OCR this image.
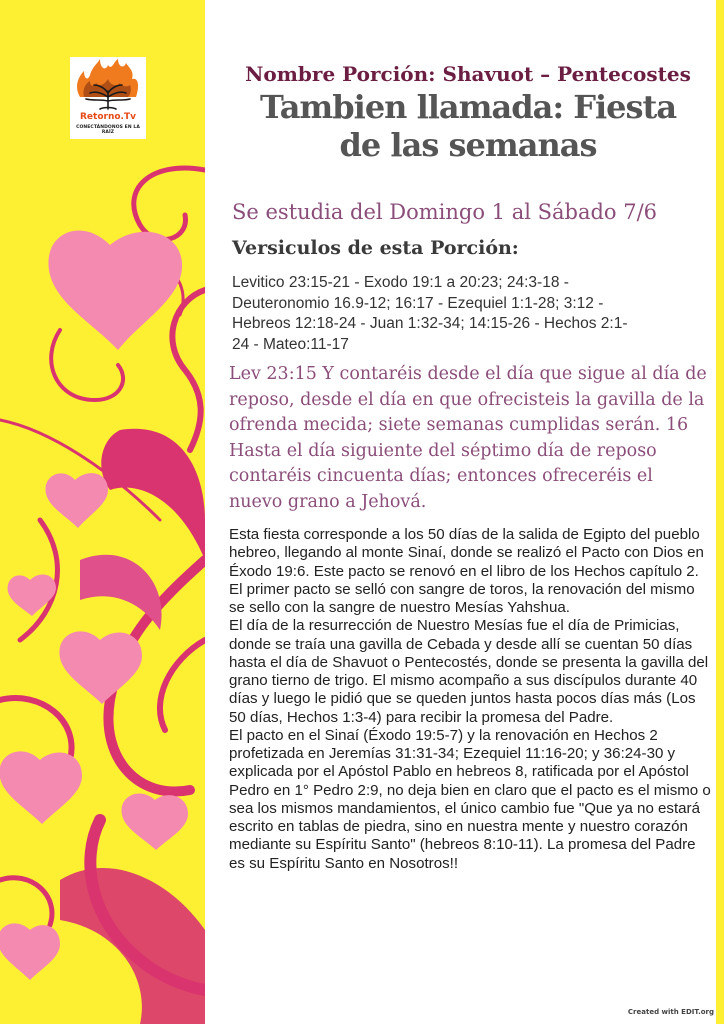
Retorno.Tv
CONECTÁNDONOS EN LA RAÍZ
Nombre Porción: Shavuot – Pentecostes
Tambien llamada: Fiesta
de las semanas

Se estudia del Domingo 1 al Sábado 7/6

Versiculos de esta Porción:

Levitico 23:15-21 - Exodo 19:1 a 20:23; 24:3-18 - Deuteronomio 16.9-12; 16:17 - Ezequiel 1:1-28; 3:12 - Hebreos 12:18-24 - Juan 1:32-34; 14:15-26 - Hechos 2:1-24 - Mateo:11-17

Lev 23:15 Y contaréis desde el día que sigue al día de reposo, desde el día en que ofrecisteis la gavilla de la ofrenda mecida; siete semanas cumplidas serán. 16 Hasta el día siguiente del séptimo día de reposo contaréis cincuenta días; entonces ofreceréis el nuevo grano a Jehová.

Esta fiesta corresponde a los 50 días de la salida de Egipto del pueblo hebreo, llegando al monte Sinaí, donde se realizó el Pacto con Dios en Éxodo 19:6. Este pacto se renovó en el libro de los Hechos capítulo 2. El primer pacto se selló con sangre de toros, la renovación del mismo se sello con la sangre de nuestro Mesías Yahshua.

El día de la resurrección de Nuestro Mesías fue el día de Primicias, donde se traía una gavilla de Cebada y desde allí se cuentan 50 días hasta el día de Shavuot o Pentecostés, donde se presenta la gavilla del grano tierno de trigo. El mismo acompaño a sus discípulos durante 40 días y luego le pidió que se queden juntos hasta pocos días más (Los 50 días, Hechos 1:3-4) para recibir la promesa del Padre.

El pacto en el Sinaí (Éxodo 19:5-7) y la renovación en Hechos 2 profetizada en Jeremías 31:31-34; Ezequiel 11:16-20; y 36:24-30 y explicada por el Apóstol Pablo en hebreos 8, ratificada por el Apóstol Pedro en 1° Pedro 2:9, no deja bien en claro que el pacto es el mismo o sea los mismos mandamientos, el único cambio fue "Que ya no estará escrito en tablas de piedra, sino en nuestra mente y nuestro corazón mediante su Espíritu Santo" (hebreos 8:10-11). La promesa del Padre es su Espíritu Santo en Nosotros!!

Created with EDIT.org
